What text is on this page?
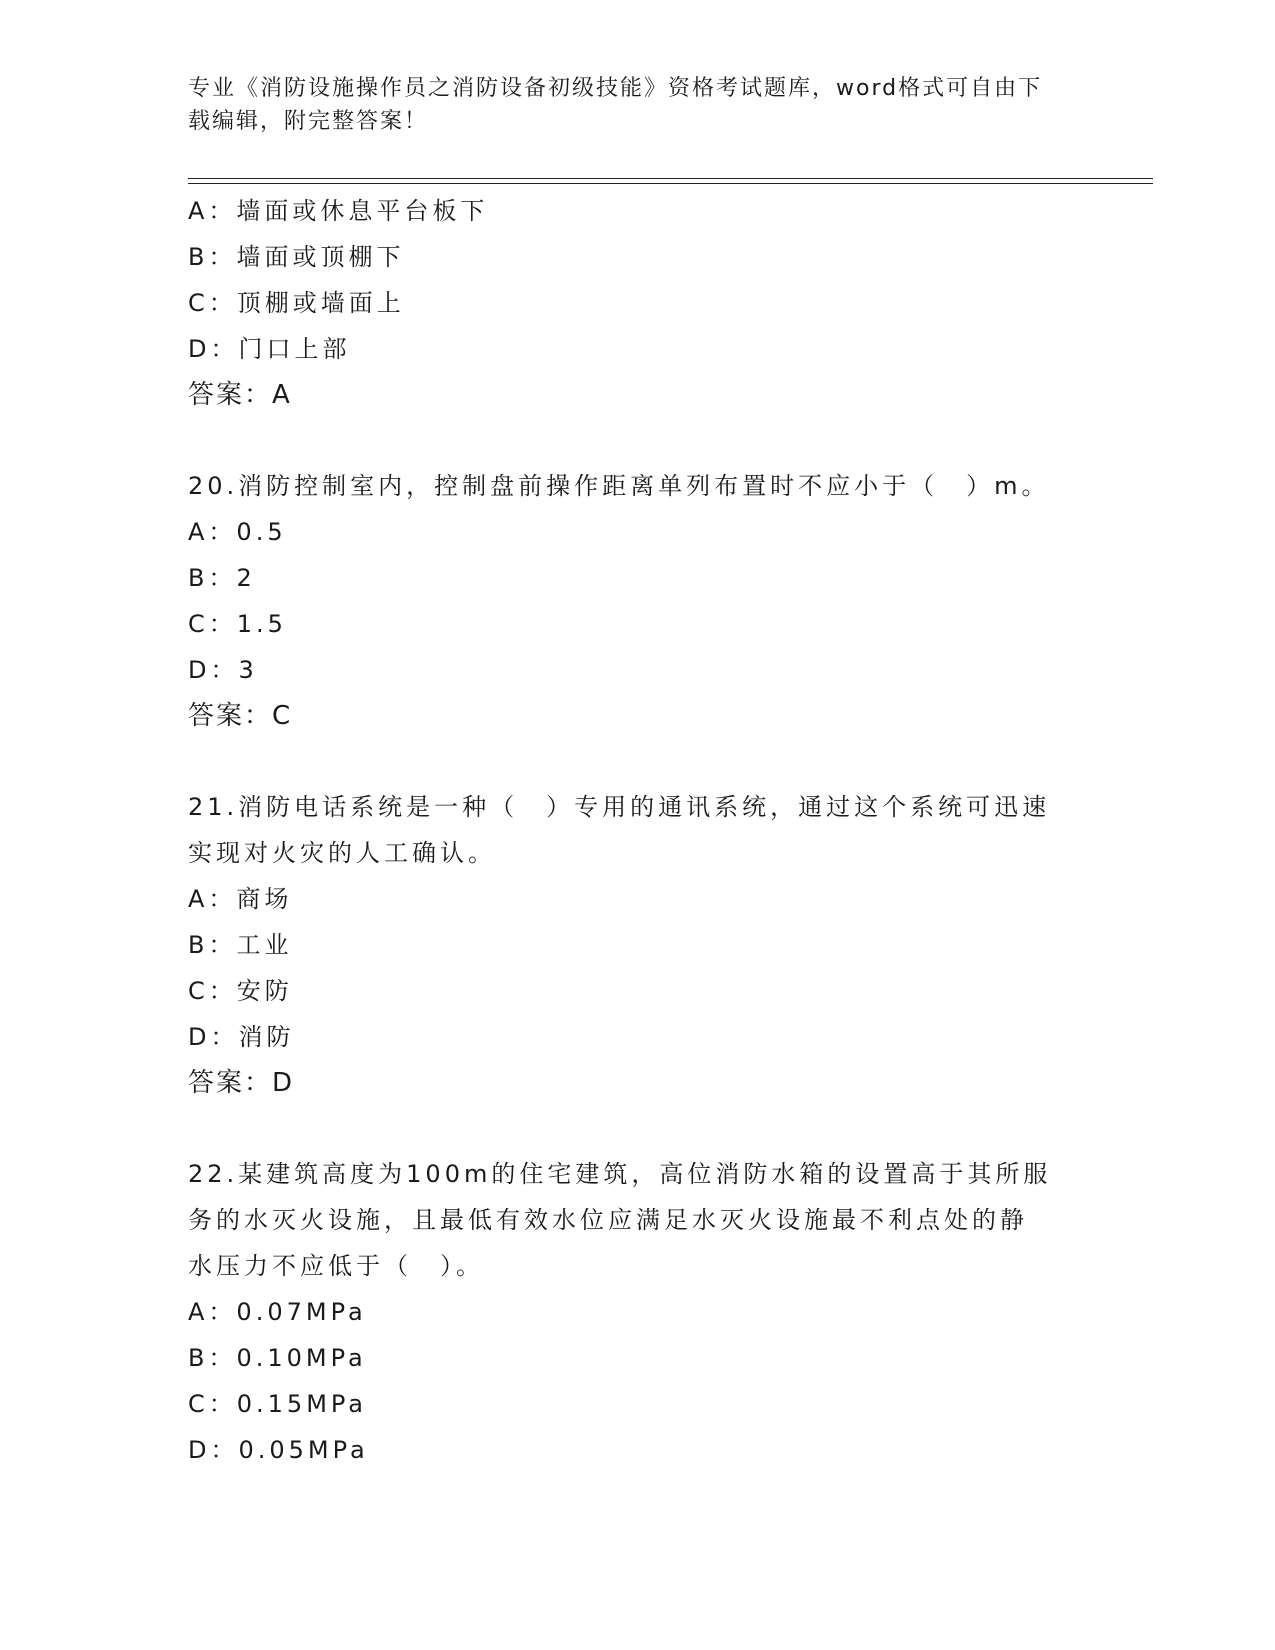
专业《消防设施操作员之消防设备初级技能》资格考试题库，word格式可自由下
载编辑，附完整答案！
A：墙面或休息平台板下
B：墙面或顶棚下
C：顶棚或墙面上
D：门口上部
答案：A
20.消防控制室内，控制盘前操作距离单列布置时不应小于（　）m。
A：0.5
B：2
C：1.5
D：3
答案：C
21.消防电话系统是一种（　）专用的通讯系统，通过这个系统可迅速
实现对火灾的人工确认。
A：商场
B：工业
C：安防
D：消防
答案：D
22.某建筑高度为100m的住宅建筑，高位消防水箱的设置高于其所服
务的水灭火设施，且最低有效水位应满足水灭火设施最不利点处的静
水压力不应低于（　）。
A：0.07MPa
B：0.10MPa
C：0.15MPa
D：0.05MPa
